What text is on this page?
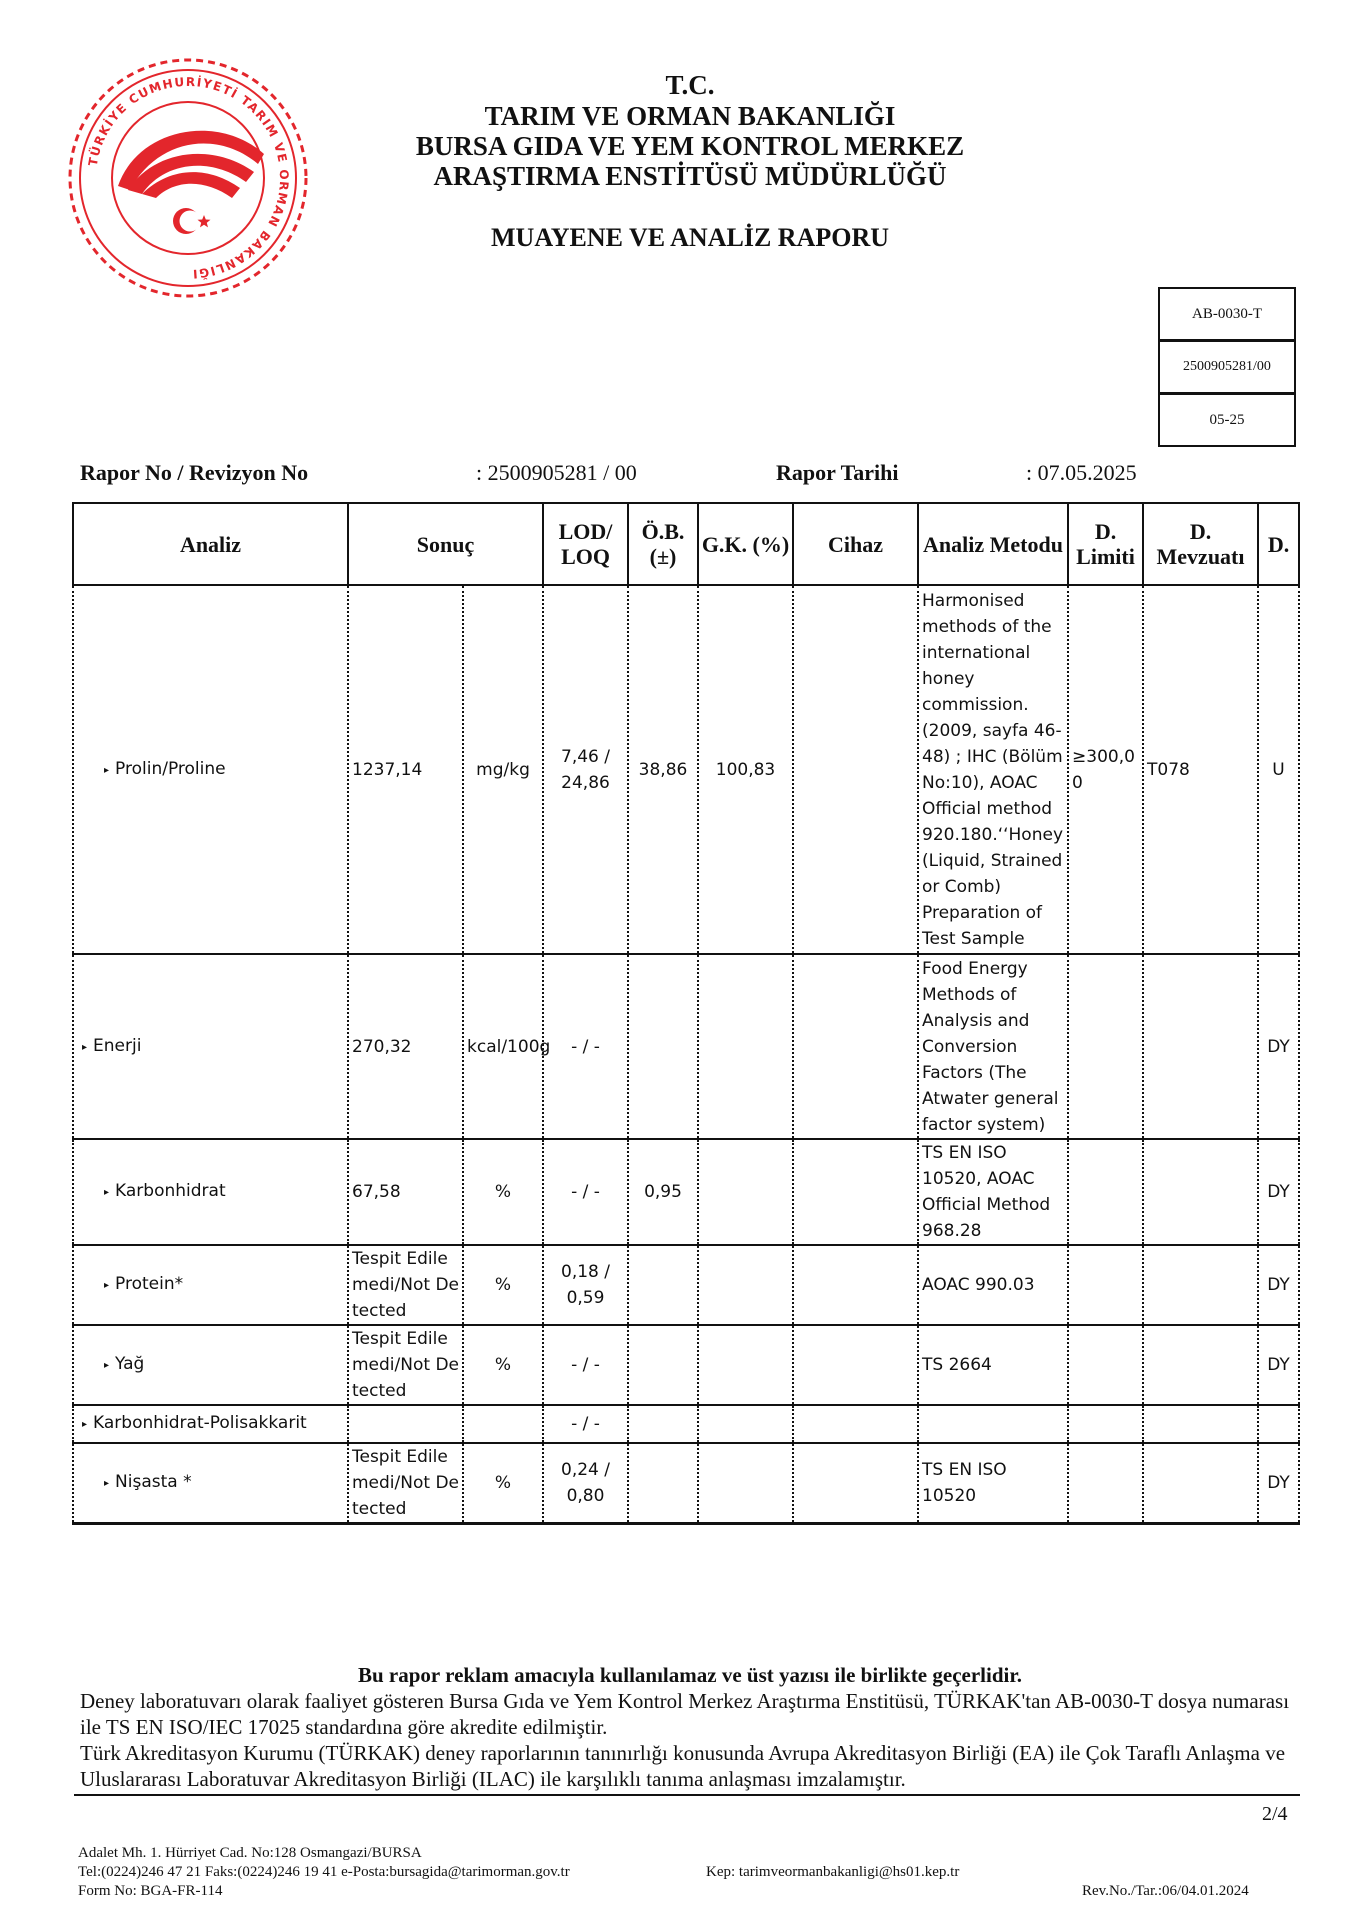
TÜRKİYE CUMHURİYETİ TARIM VE ORMAN BAKANLIĞI
T.C.
TARIM VE ORMAN BAKANLIĞI
BURSA GIDA VE YEM KONTROL MERKEZ
ARAŞTIRMA ENSTİTÜSÜ MÜDÜRLÜĞÜ
MUAYENE VE ANALİZ RAPORU
AB-0030-T
2500905281/00
05-25
Rapor No / Revizyon No	: 2500905281 / 00	Rapor Tarihi	: 07.05.2025
Analiz	Sonuç		LOD/ LOQ	Ö.B. (±)	G.K. (%)	Cihaz	Analiz Metodu	D. Limiti	D. Mevzuatı	D.
▸ Prolin/Proline	1237,14	mg/kg	7,46 / 24,86	38,86	100,83		Harmonised methods of the international honey commission. (2009, sayfa 46-48) ; IHC (Bölüm No:10), AOAC Official method 920.180.‘‘Honey (Liquid, Strained or Comb) Preparation of Test Sample	≥300,0 0	T078	U
▸ Enerji	270,32	kcal/100g	- / -				Food Energy Methods of Analysis and Conversion Factors (The Atwater general factor system)			DY
▸ Karbonhidrat	67,58	%	- / -	0,95			TS EN ISO 10520, AOAC Official Method 968.28			DY
▸ Protein*	Tespit Edilemedi/Not Detected	%	0,18 / 0,59				AOAC 990.03			DY
▸ Yağ	Tespit Edilemedi/Not Detected	%	- / -				TS 2664			DY
▸ Karbonhidrat-Polisakkarit			- / -							
▸ Nişasta *	Tespit Edilemedi/Not Detected	%	0,24 / 0,80				TS EN ISO 10520			DY
Bu rapor reklam amacıyla kullanılamaz ve üst yazısı ile birlikte geçerlidir.
Deney laboratuvarı olarak faaliyet gösteren Bursa Gıda ve Yem Kontrol Merkez Araştırma Enstitüsü, TÜRKAK'tan AB-0030-T dosya numarası ile TS EN ISO/IEC 17025 standardına göre akredite edilmiştir.
Türk Akreditasyon Kurumu (TÜRKAK) deney raporlarının tanınırlığı konusunda Avrupa Akreditasyon Birliği (EA) ile Çok Taraflı Anlaşma ve Uluslararası Laboratuvar Akreditasyon Birliği (ILAC) ile karşılıklı tanıma anlaşması imzalamıştır.
2/4
Adalet Mh. 1. Hürriyet Cad. No:128 Osmangazi/BURSA
Tel:(0224)246 47 21 Faks:(0224)246 19 41 e-Posta:bursagida@tarimorman.gov.tr	Kep: tarimveormanbakanligi@hs01.kep.tr
Form No: BGA-FR-114	Rev.No./Tar.:06/04.01.2024
